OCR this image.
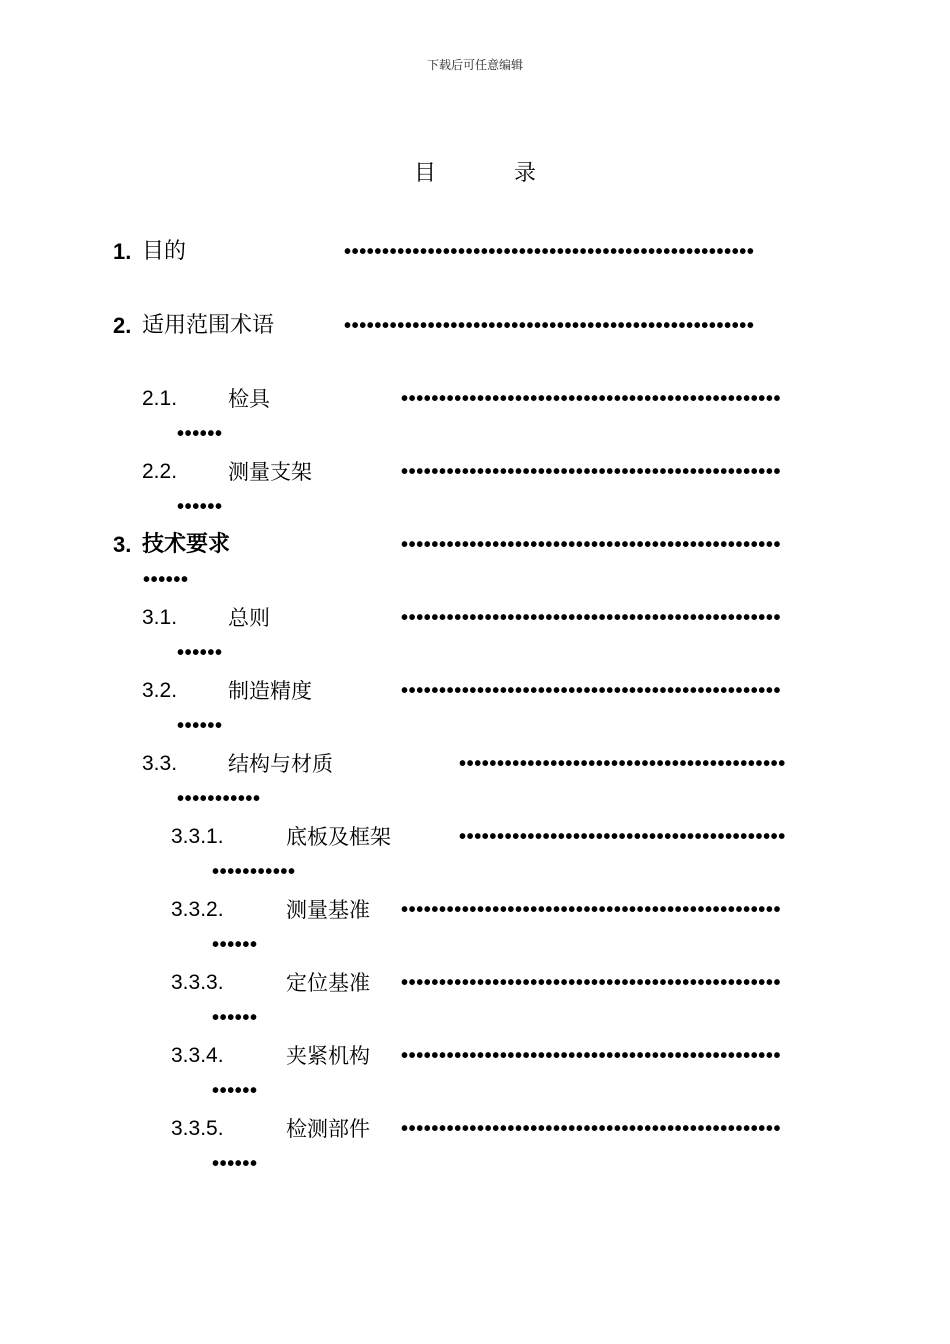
下载后可任意编辑
目	录
1. 目的	••••••••••••••••••••••••••••••••••••••••••••••••••••••
2. 适用范围术语	••••••••••••••••••••••••••••••••••••••••••••••••••••••
2.1. 检具	••••••••••••••••••••••••••••••••••••••••••••••••••
••••••
2.2. 测量支架	••••••••••••••••••••••••••••••••••••••••••••••••••
••••••
3. 技术要求	••••••••••••••••••••••••••••••••••••••••••••••••••
••••••
3.1. 总则	••••••••••••••••••••••••••••••••••••••••••••••••••
••••••
3.2. 制造精度	••••••••••••••••••••••••••••••••••••••••••••••••••
••••••
3.3. 结构与材质	•••••••••••••••••••••••••••••••••••••••••••
•••••••••••
3.3.1.	底板及框架	•••••••••••••••••••••••••••••••••••••••••••
•••••••••••
3.3.2.	测量基准 ••••••••••••••••••••••••••••••••••••••••••••••••••
••••••
3.3.3.	定位基准 ••••••••••••••••••••••••••••••••••••••••••••••••••
••••••
3.3.4.	夹紧机构 ••••••••••••••••••••••••••••••••••••••••••••••••••
••••••
3.3.5.	检测部件 ••••••••••••••••••••••••••••••••••••••••••••••••••
••••••
